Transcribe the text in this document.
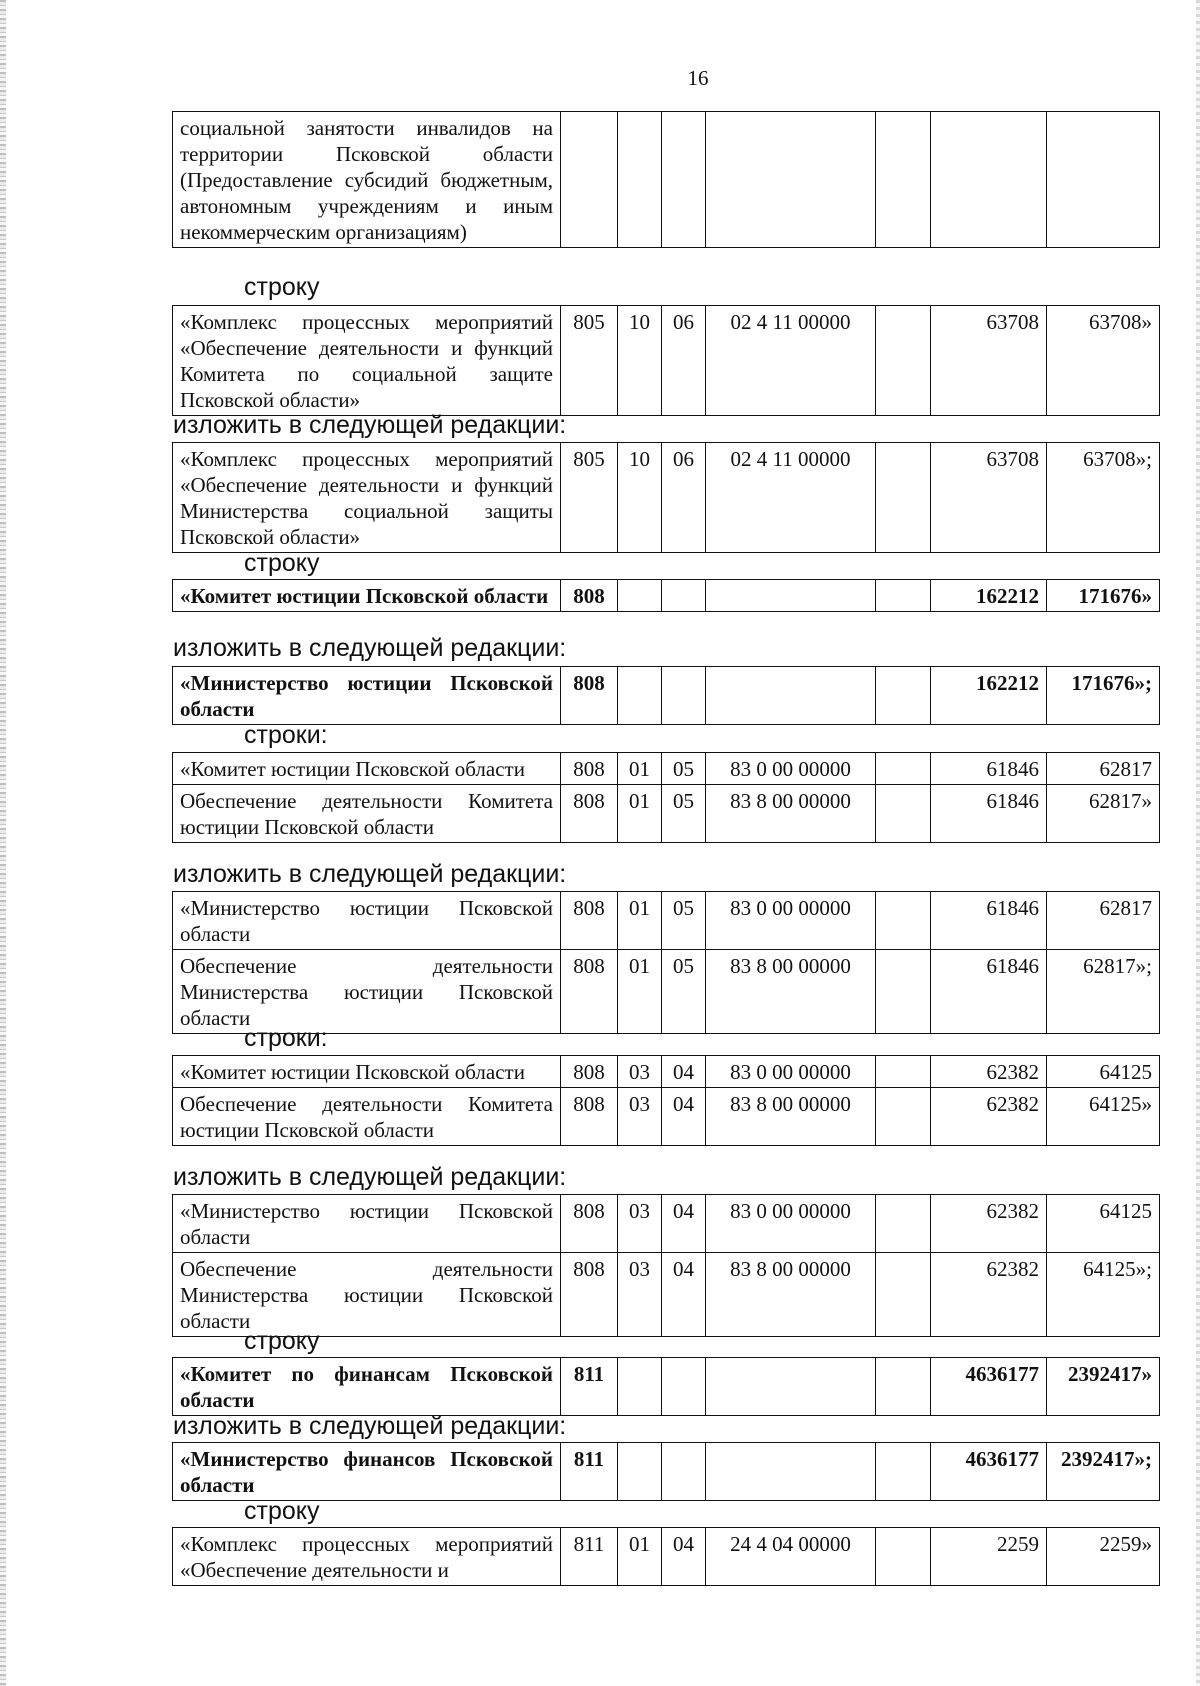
16
социальной занятости инвалидов на территории Псковской области (Предоставление субсидий бюджетным, автономным учреждениям и иным некоммерческим организациям)							
строку
«Комплекс процессных мероприятий «Обеспечение деятельности и функций Комитета по социальной защите Псковской области»	805	10	06	02 4 11 00000		63708	63708»
изложить в следующей редакции:
«Комплекс процессных мероприятий «Обеспечение деятельности и функций Министерства социальной защиты Псковской области»	805	10	06	02 4 11 00000		63708	63708»;
строку
«Комитет юстиции Псковской области	808					162212	171676»
изложить в следующей редакции:
«Министерство юстиции Псковской области	808					162212	171676»;
строки:
«Комитет юстиции Псковской области	808	01	05	83 0 00 00000		61846	62817
Обеспечение деятельности Комитета юстиции Псковской области	808	01	05	83 8 00 00000		61846	62817»
изложить в следующей редакции:
«Министерство юстиции Псковской области	808	01	05	83 0 00 00000		61846	62817
Обеспечение деятельности Министерства юстиции Псковской области	808	01	05	83 8 00 00000		61846	62817»;
строки:
«Комитет юстиции Псковской области	808	03	04	83 0 00 00000		62382	64125
Обеспечение деятельности Комитета юстиции Псковской области	808	03	04	83 8 00 00000		62382	64125»
изложить в следующей редакции:
«Министерство юстиции Псковской области	808	03	04	83 0 00 00000		62382	64125
Обеспечение деятельности Министерства юстиции Псковской области	808	03	04	83 8 00 00000		62382	64125»;
строку
«Комитет по финансам Псковской области	811					4636177	2392417»
изложить в следующей редакции:
«Министерство финансов Псковской области	811					4636177	2392417»;
строку
«Комплекс процессных мероприятий «Обеспечение деятельности и	811	01	04	24 4 04 00000		2259	2259»
